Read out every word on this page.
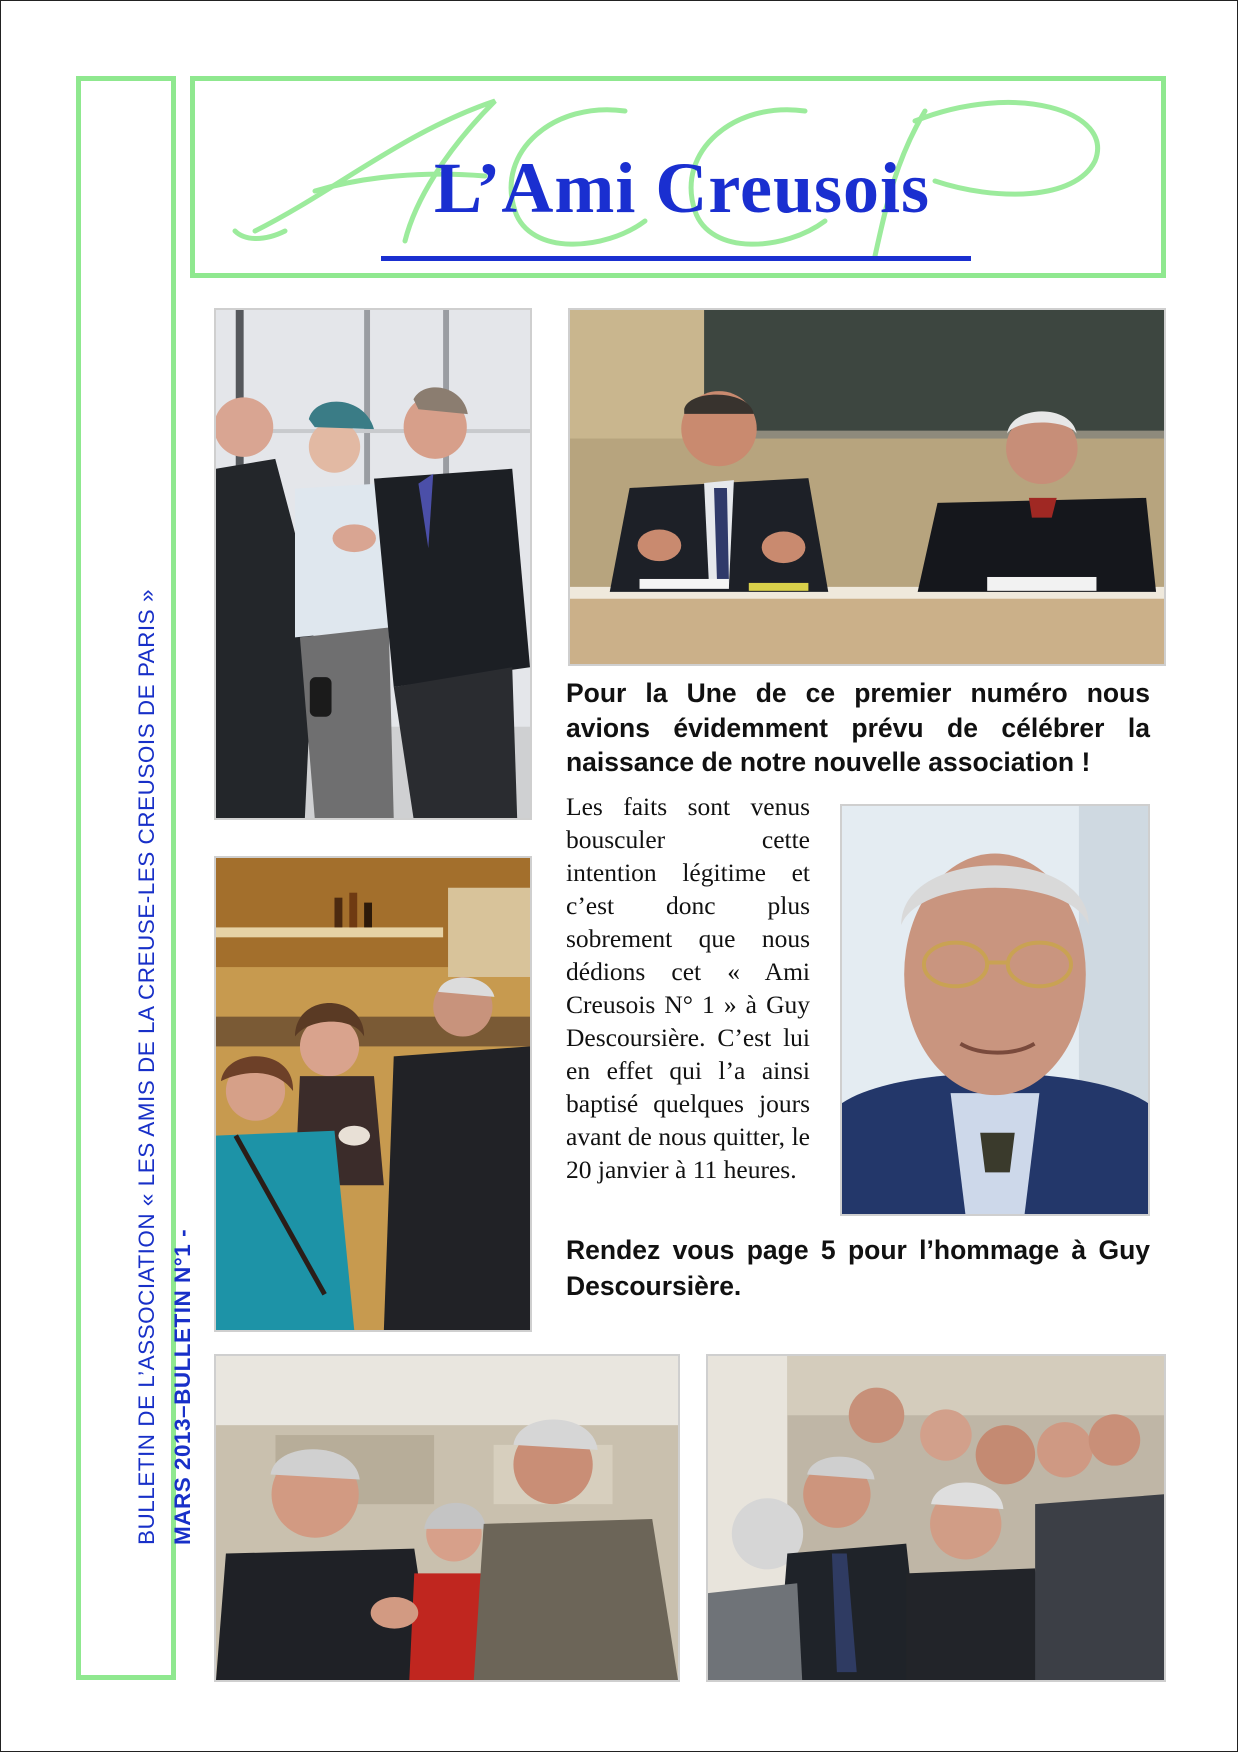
BULLETIN DE L’ASSOCIATION « LES AMIS DE LA CREUSE-LES CREUSOIS DE PARIS » MARS 2013–BULLETIN N°1 -
L’Ami Creusois
Pour la Une de ce premier numéro nous avions évidemment prévu de célébrer la naissance de notre nouvelle association !
Les faits sont venus bousculer cette intention légitime et c’est donc plus sobrement que nous dédions cet « Ami Creusois N° 1 » à Guy Descoursière. C’est lui en effet qui l’a ainsi baptisé quelques jours avant de nous quitter, le 20 janvier à 11 heures.
Rendez vous page 5 pour l’hommage à Guy Descoursière.
